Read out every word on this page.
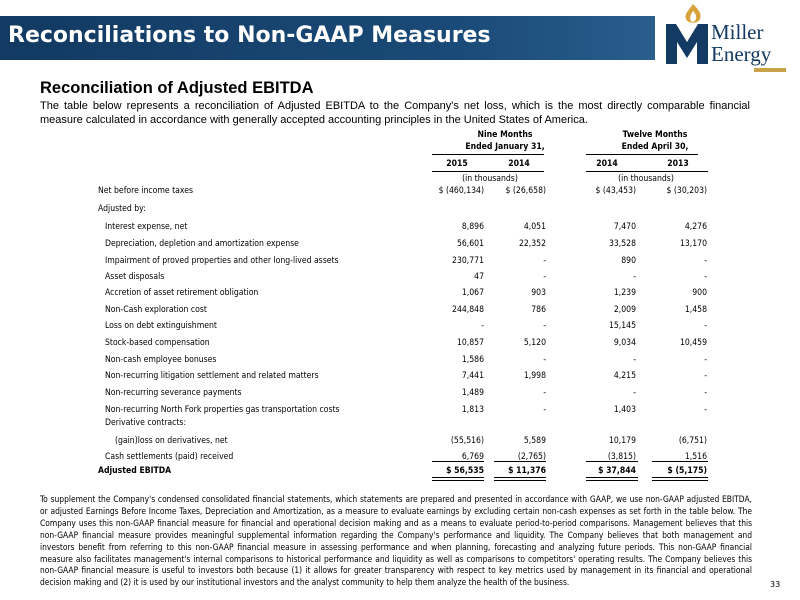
Reconciliations to Non-GAAP Measures	Miller
Energy
Reconciliation of Adjusted EBITDA
The table below represents a reconciliation of Adjusted EBITDA to the Company's net loss, which is the most directly comparable financial measure calculated in accordance with generally accepted accounting principles in the United States of America.
Nine Months
Ended January 31,
Twelve Months
Ended April 30,
2015	2014	2014	2013
(in thousands)	(in thousands)
Net before income taxes	$ (460,134)	$ (26,658)	$ (43,453)	$ (30,203)
Adjusted by:
Interest expense, net	8,896	4,051	7,470	4,276
Depreciation, depletion and amortization expense	56,601	22,352	33,528	13,170
Impairment of proved properties and other long-lived assets	230,771	-	890	-
Asset disposals	47	-	-	-
Accretion of asset retirement obligation	1,067	903	1,239	900
Non-Cash exploration cost	244,848	786	2,009	1,458
Loss on debt extinguishment	-	-	15,145	-
Stock-based compensation	10,857	5,120	9,034	10,459
Non-cash employee bonuses	1,586	-	-	-
Non-recurring litigation settlement and related matters	7,441	1,998	4,215	-
Non-recurring severance payments	1,489	-	-	-
Non-recurring North Fork properties gas transportation costs	1,813	-	1,403	-
Derivative contracts:
(gain)loss on derivatives, net	(55,516)	5,589	10,179	(6,751)
Cash settlements (paid) received	6,769	(2,765)	(3,815)	1,516
Adjusted EBITDA	$ 56,535	$ 11,376	$ 37,844	$ (5,175)
To supplement the Company's condensed consolidated financial statements, which statements are prepared and presented in accordance with GAAP, we use non-GAAP adjusted EBITDA, or adjusted Earnings Before Income Taxes, Depreciation and Amortization, as a measure to evaluate earnings by excluding certain non-cash expenses as set forth in the table below. The Company uses this non-GAAP financial measure for financial and operational decision making and as a means to evaluate period-to-period comparisons. Management believes that this non-GAAP financial measure provides meaningful supplemental information regarding the Company's performance and liquidity. The Company believes that both management and investors benefit from referring to this non-GAAP financial measure in assessing performance and when planning, forecasting and analyzing future periods. This non-GAAP financial measure also facilitates management's internal comparisons to historical performance and liquidity as well as comparisons to competitors' operating results. The Company believes this non-GAAP financial measure is useful to investors both because (1) it allows for greater transparency with respect to key metrics used by management in its financial and operational decision making and (2) it is used by our institutional investors and the analyst community to help them analyze the health of the business.	33
